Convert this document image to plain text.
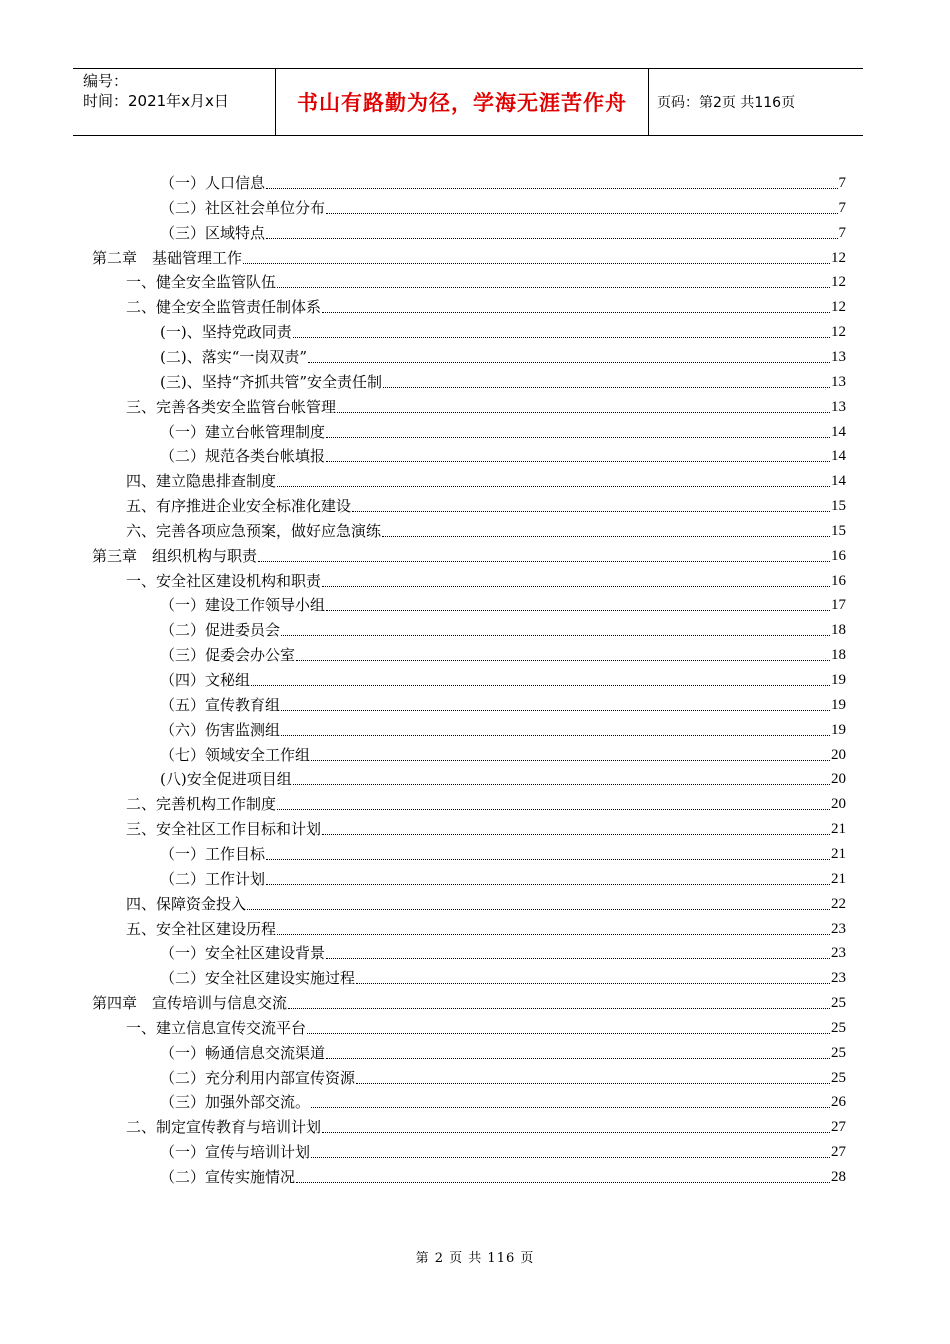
编号：
时间：2021年x月x日	书山有路勤为径，学海无涯苦作舟 页码：第2页 共116页
（一）人口信息	7
（二）社区社会单位分布	7
（三）区域特点	7
第二章　基础管理工作	12
一、健全安全监管队伍	12
二、健全安全监管责任制体系	12
(一)、坚持党政同责	12
(二)、落实“一岗双责”	13
(三)、坚持“齐抓共管”安全责任制	13
三、完善各类安全监管台帐管理	13
（一）建立台帐管理制度	14
（二）规范各类台帐填报	14
四、建立隐患排查制度	14
五、有序推进企业安全标准化建设	15
六、完善各项应急预案，做好应急演练	15
第三章　组织机构与职责	16
一、安全社区建设机构和职责	16
（一）建设工作领导小组	17
（二）促进委员会	18
（三）促委会办公室	18
（四）文秘组	19
（五）宣传教育组	19
（六）伤害监测组	19
（七）领域安全工作组	20
(八)安全促进项目组	20
二、完善机构工作制度	20
三、安全社区工作目标和计划	21
（一）工作目标	21
（二）工作计划	21
四、保障资金投入	22
五、安全社区建设历程	23
（一）安全社区建设背景	23
（二）安全社区建设实施过程	23
第四章　宣传培训与信息交流	25
一、建立信息宣传交流平台	25
（一）畅通信息交流渠道	25
（二）充分利用内部宣传资源	25
（三）加强外部交流。	26
二、制定宣传教育与培训计划	27
（一）宣传与培训计划	27
（二）宣传实施情况	28
第 2 页 共 116 页
